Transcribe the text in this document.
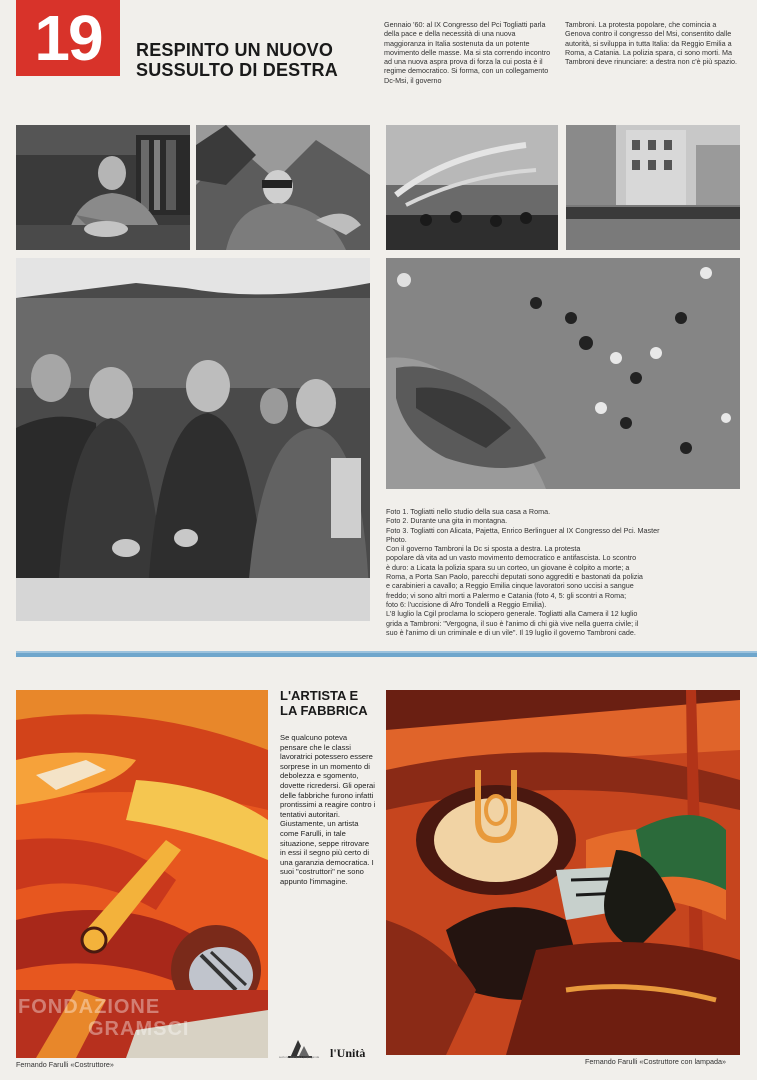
19	RESPINTO UN NUOVO
SUSSULTO DI DESTRA
Gennaio '60: al IX Congresso del Pci Togliatti parla della pace e della necessità di una nuova maggioranza in Italia sostenuta da un potente movimento delle masse. Ma si sta correndo incontro ad una nuova aspra prova di forza la cui posta è il regime democratico. Si forma, con un collegamento Dc-Msi, il governo
Tambroni. La protesta popolare, che comincia a Genova contro il congresso del Msi, consentito dalle autorità, si sviluppa in tutta Italia: da Reggio Emilia a Roma, a Catania. La polizia spara, ci sono morti. Ma Tambroni deve rinunciare: a destra non c'è più spazio.
Foto 1. Togliatti nello studio della sua casa a Roma.
Foto 2. Durante una gita in montagna.
Foto 3. Togliatti con Alicata, Pajetta, Enrico Berlinguer al IX Congresso del Pci. Master
Photo.
Con il governo Tambroni la Dc si sposta a destra. La protesta
popolare dà vita ad un vasto movimento democratico e antifascista. Lo scontro
è duro: a Licata la polizia spara su un corteo, un giovane è colpito a morte; a
Roma, a Porta San Paolo, parecchi deputati sono aggrediti e bastonati da polizia
e carabinieri a cavallo; a Reggio Emilia cinque lavoratori sono uccisi a sangue
freddo; vi sono altri morti a Palermo e Catania (foto 4, 5: gli scontri a Roma;
foto 6: l'uccisione di Afro Tondelli a Reggio Emilia).
L'8 luglio la Cgil proclama lo sciopero generale. Togliatti alla Camera il 12 luglio
grida a Tambroni: "Vergogna, il suo è l'animo di chi già vive nella guerra civile; il
suo è l'animo di un criminale e di un vile". Il 19 luglio il governo Tambroni cade.
FONDAZIONE
GRAMSCI
L'ARTISTA E
LA FABBRICA
Se qualcuno poteva pensare che le classi lavoratrici potessero essere sorprese in un momento di debolezza e sgomento, dovette ricredersi. Gli operai delle fabbriche furono infatti prontissimi a reagire contro i tentativi autoritari. Giustamente, un artista come Farulli, in tale situazione, seppe ritrovare in essi il segno più certo di una garanzia democratica. I suoi "costruttori" ne sono appunto l'immagine.
Fernando Farulli «Costruttore»	Fernando Farulli «Costruttore con lampada»
sezione stampa e propaganda l'Unità
